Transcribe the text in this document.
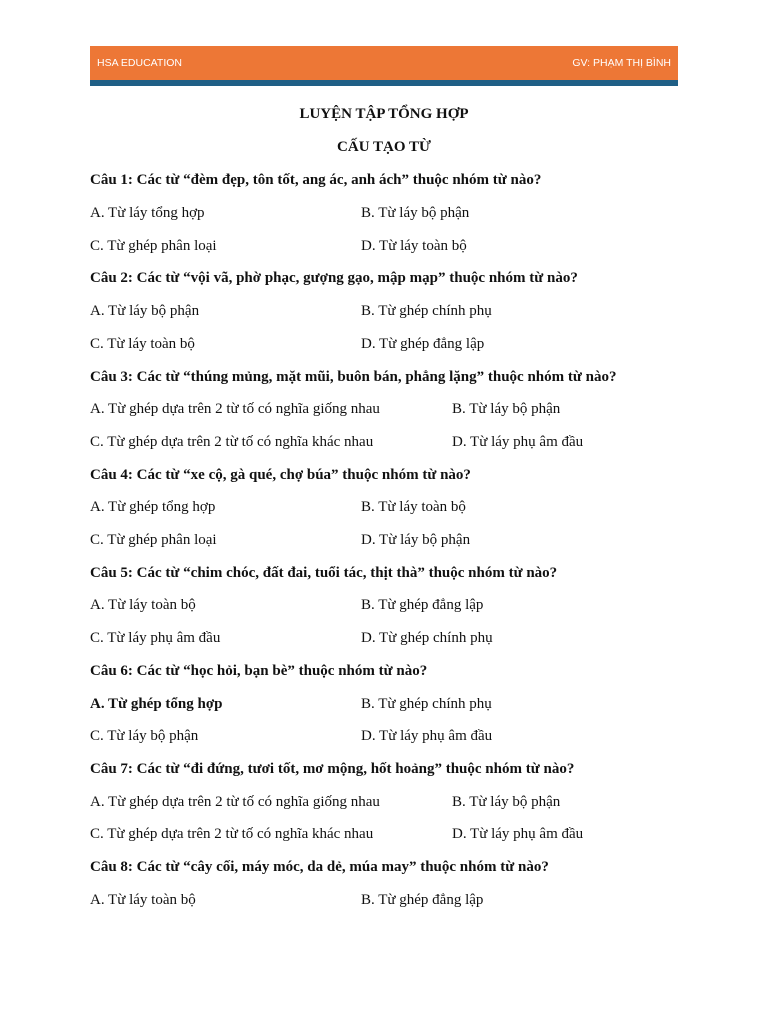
HSA EDUCATION	GV: PHẠM THỊ BÌNH
LUYỆN TẬP TỔNG HỢP
CẤU TẠO TỪ
Câu 1: Các từ “đèm đẹp, tôn tốt, ang ác, anh ách” thuộc nhóm từ nào?
A. Từ láy tổng hợp	B. Từ láy bộ phận
C. Từ ghép phân loại	D. Từ láy toàn bộ
Câu 2: Các từ “vội vã, phờ phạc, gượng gạo, mập mạp” thuộc nhóm từ nào?
A. Từ láy bộ phận	B. Từ ghép chính phụ
C. Từ láy toàn bộ	D. Từ ghép đẳng lập
Câu 3: Các từ “thúng mủng, mặt mũi, buôn bán, phẳng lặng” thuộc nhóm từ nào?
A. Từ ghép dựa trên 2 từ tố có nghĩa giống nhau	B. Từ láy bộ phận
C. Từ ghép dựa trên 2 từ tố có nghĩa khác nhau	D. Từ láy phụ âm đầu
Câu 4: Các từ “xe cộ, gà qué, chợ búa” thuộc nhóm từ nào?
A. Từ ghép tổng hợp	B. Từ láy toàn bộ
C. Từ ghép phân loại	D. Từ láy bộ phận
Câu 5: Các từ “chim chóc, đất đai, tuổi tác, thịt thà” thuộc nhóm từ nào?
A. Từ láy toàn bộ	B. Từ ghép đẳng lập
C. Từ láy phụ âm đầu	D. Từ ghép chính phụ
Câu 6: Các từ “học hỏi, bạn bè” thuộc nhóm từ nào?
A. Từ ghép tổng hợp	B. Từ ghép chính phụ
C. Từ láy bộ phận	D. Từ láy phụ âm đầu
Câu 7: Các từ “đi đứng, tươi tốt, mơ mộng, hốt hoảng” thuộc nhóm từ nào?
A. Từ ghép dựa trên 2 từ tố có nghĩa giống nhau	B. Từ láy bộ phận
C. Từ ghép dựa trên 2 từ tố có nghĩa khác nhau	D. Từ láy phụ âm đầu
Câu 8: Các từ “cây cối, máy móc, da dẻ, múa may” thuộc nhóm từ nào?
A. Từ láy toàn bộ	B. Từ ghép đẳng lập
